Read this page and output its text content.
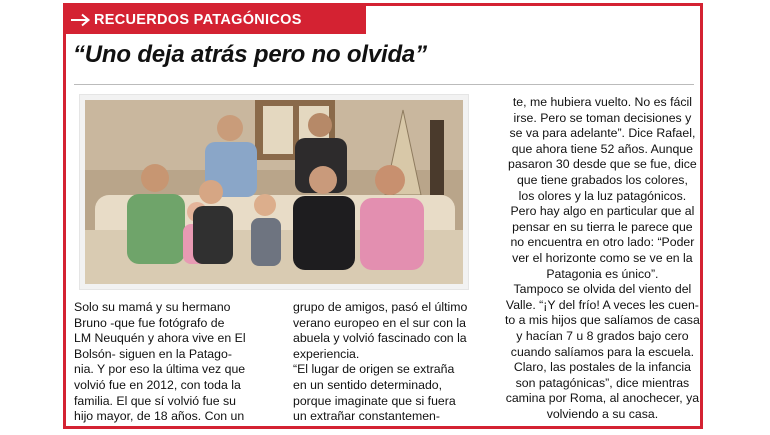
RECUERDOS PATAGÓNICOS
“Uno deja atrás pero no olvida”
Solo su mamá y su hermano
Bruno -que fue fotógrafo de
LM Neuquén y ahora vive en El
Bolsón- siguen en la Patago-
nia. Y por eso la última vez que
volvió fue en 2012, con toda la
familia. El que sí volvió fue su
hijo mayor, de 18 años. Con un
grupo de amigos, pasó el último
verano europeo en el sur con la
abuela y volvió fascinado con la
experiencia.
“El lugar de origen se extraña
en un sentido determinado,
porque imaginate que si fuera
un extrañar constantemen-
te, me hubiera vuelto. No es fácil
irse. Pero se toman decisiones y
se va para adelante”. Dice Rafael,
que ahora tiene 52 años. Aunque
pasaron 30 desde que se fue, dice
que tiene grabados los colores,
los olores y la luz patagónicos.
Pero hay algo en particular que al
pensar en su tierra le parece que
no encuentra en otro lado: “Poder
ver el horizonte como se ve en la
Patagonia es único”.
Tampoco se olvida del viento del
Valle. “¡Y del frío! A veces les cuen-
to a mis hijos que salíamos de casa
y hacían 7 u 8 grados bajo cero
cuando salíamos para la escuela.
Claro, las postales de la infancia
son patagónicas”, dice mientras
camina por Roma, al anochecer, ya
volviendo a su casa.
